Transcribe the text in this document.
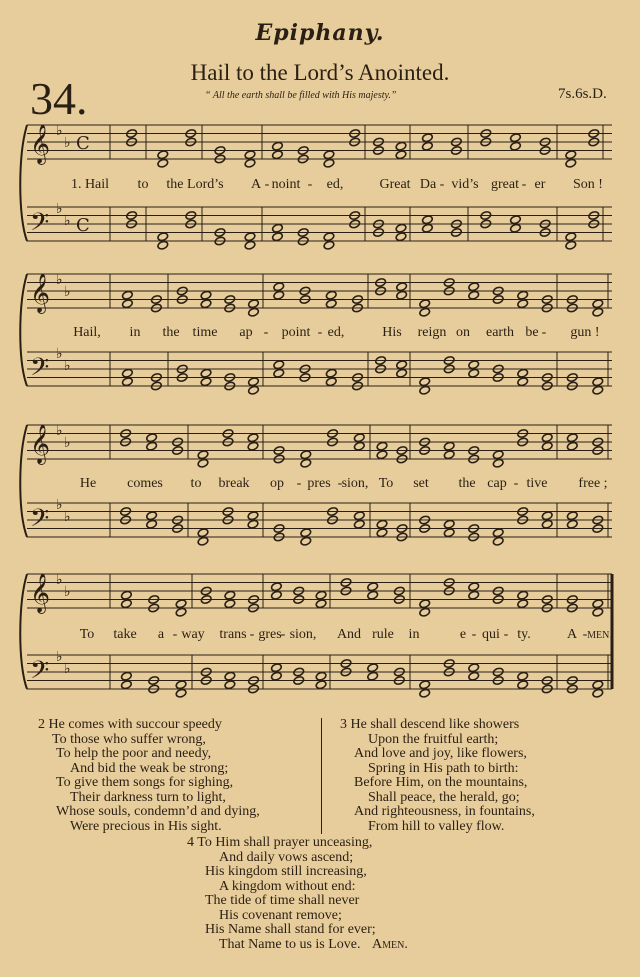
Epiphany.
34.
Hail to the Lord’s Anointed.
“ All the earth shall be filled with His majesty.”	7s.6s.D.
𝄞 ♭
♭ C
𝄢 ♭
♭ C
𝄞 ♭
♭
𝄢 ♭
♭
𝄞 ♭
♭
𝄢 ♭
♭
𝄞 ♭
♭
𝄢 ♭
♭
1. Hail to the Lord’s A - noint - ed,	Great Da - vid’s great - er Son !
Hail, in the time ap - point - ed,	His reign on earth be - gun !
He comes to break op - pres - sion, To set the cap - tive free ;
To take a - way trans - gres - sion, And rule in	e - qui - ty.	A - men.
2 He comes with succour speedy
To those who suffer wrong,
To help the poor and needy,
And bid the weak be strong;
To give them songs for sighing,
Their darkness turn to light,
Whose souls, condemn’d and dying,
Were precious in His sight.
3 He shall descend like showers
Upon the fruitful earth;
And love and joy, like flowers,
Spring in His path to birth:
Before Him, on the mountains,
Shall peace, the herald, go;
And righteousness, in fountains,
From hill to valley flow.
4 To Him shall prayer unceasing,
And daily vows ascend;
His kingdom still increasing,
A kingdom without end:
The tide of time shall never
His covenant remove;
His Name shall stand for ever;
That Name to us is Love. Amen.
